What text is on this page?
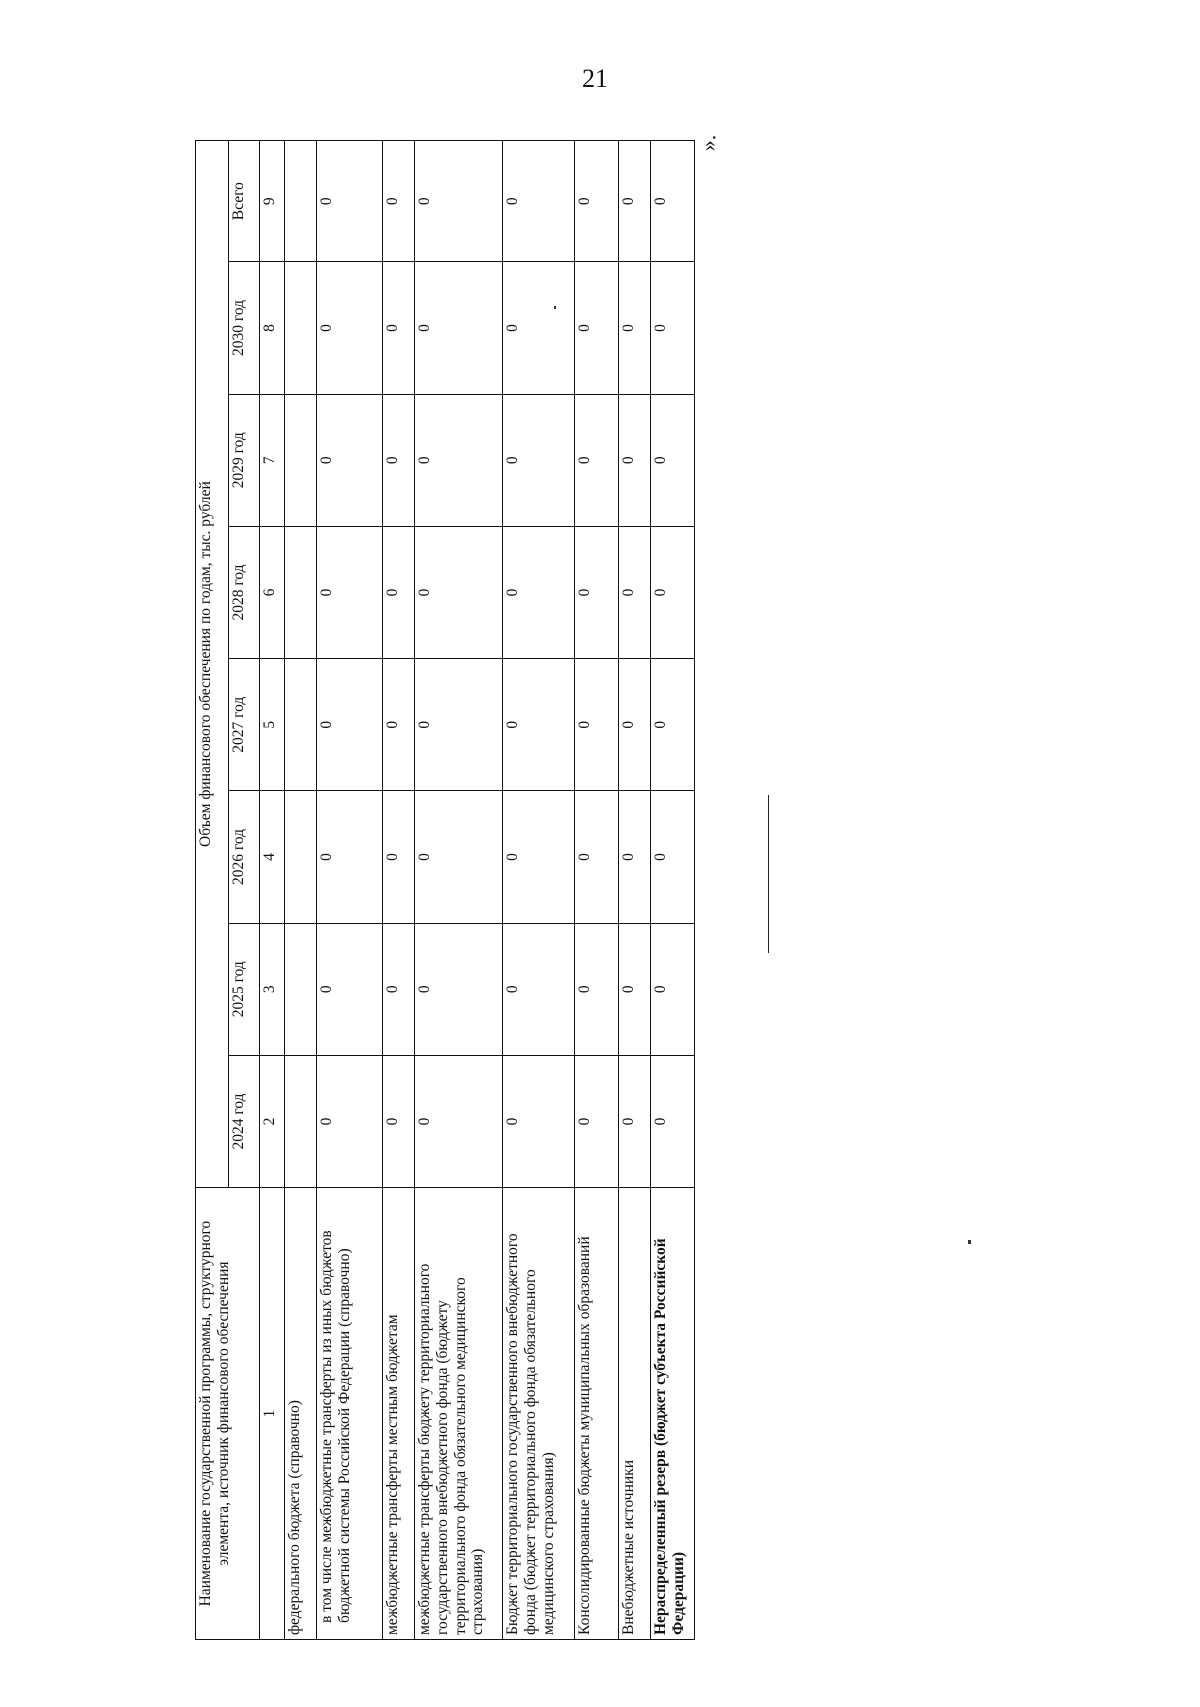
21
Наименование государственной программы, структурного элемента, источник финансового обеспечения	Объем финансового обеспечения по годам, тыс. рублей							
	2024 год	2025 год	2026 год	2027 год	2028 год	2029 год	2030 год	Всего
1	2	3	4	5	6	7	8	9
федерального бюджета (справочно)								
в том числе межбюджетные трансферты из иных бюджетов бюджетной системы Российской Федерации (справочно)	0	0	0	0	0	0	0	0
межбюджетные трансферты местным бюджетам	0	0	0	0	0	0	0	0
межбюджетные трансферты бюджету территориального государственного внебюджетного фонда (бюджету территориального фонда обязательного медицинского страхования)	0	0	0	0	0	0	0	0
Бюджет территориального государственного внебюджетного фонда (бюджет территориального фонда обязательного медицинского страхования)	0	0	0	0	0	0	0	0
Консолидированные бюджеты муниципальных образований	0	0	0	0	0	0	0	0
Внебюджетные источники	0	0	0	0	0	0	0	0
Нераспределенный резерв (бюджет субъекта Российской Федерации)	0	0	0	0	0	0	0	0
».
